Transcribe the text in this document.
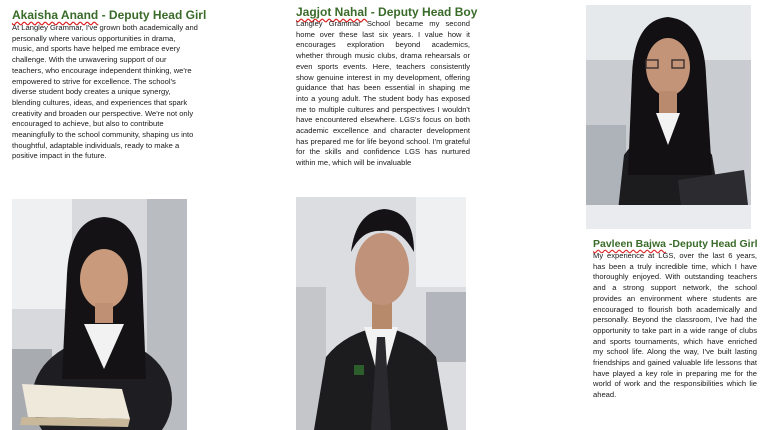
Akaisha Anand - Deputy Head Girl

At Langley Grammar, I've grown both academically and personally where various opportunities in drama, music, and sports have helped me embrace every challenge. With the unwavering support of our teachers, who encourage independent thinking, we're empowered to strive for excellence. The school's diverse student body creates a unique synergy, blending cultures, ideas, and experiences that spark creativity and broaden our perspective. We're not only encouraged to achieve, but also to contribute meaningfully to the school community, shaping us into thoughtful, adaptable individuals, ready to make a positive impact in the future.

Jagjot Nahal - Deputy Head Boy

Langley Grammar School became my second home over these last six years. I value how it encourages exploration beyond academics, whether through music clubs, drama rehearsals or even sports events. Here, teachers consistently show genuine interest in my development, offering guidance that has been essential in shaping me into a young adult. The student body has exposed me to multiple cultures and perspectives I wouldn't have encountered elsewhere. LGS's focus on both academic excellence and character development has prepared me for life beyond school. I'm grateful for the skills and confidence LGS has nurtured within me, which will be invaluable

Pavleen Bajwa -Deputy Head Girl

My experience at LGS, over the last 6 years, has been a truly incredible time, which I have thoroughly enjoyed. With outstanding teachers and a strong support network, the school provides an environment where students are encouraged to flourish both academically and personally. Beyond the classroom, I've had the opportunity to take part in a wide range of clubs and sports tournaments, which have enriched my school life. Along the way, I've built lasting friendships and gained valuable life lessons that have played a key role in preparing me for the world of work and the responsibilities which lie ahead.
